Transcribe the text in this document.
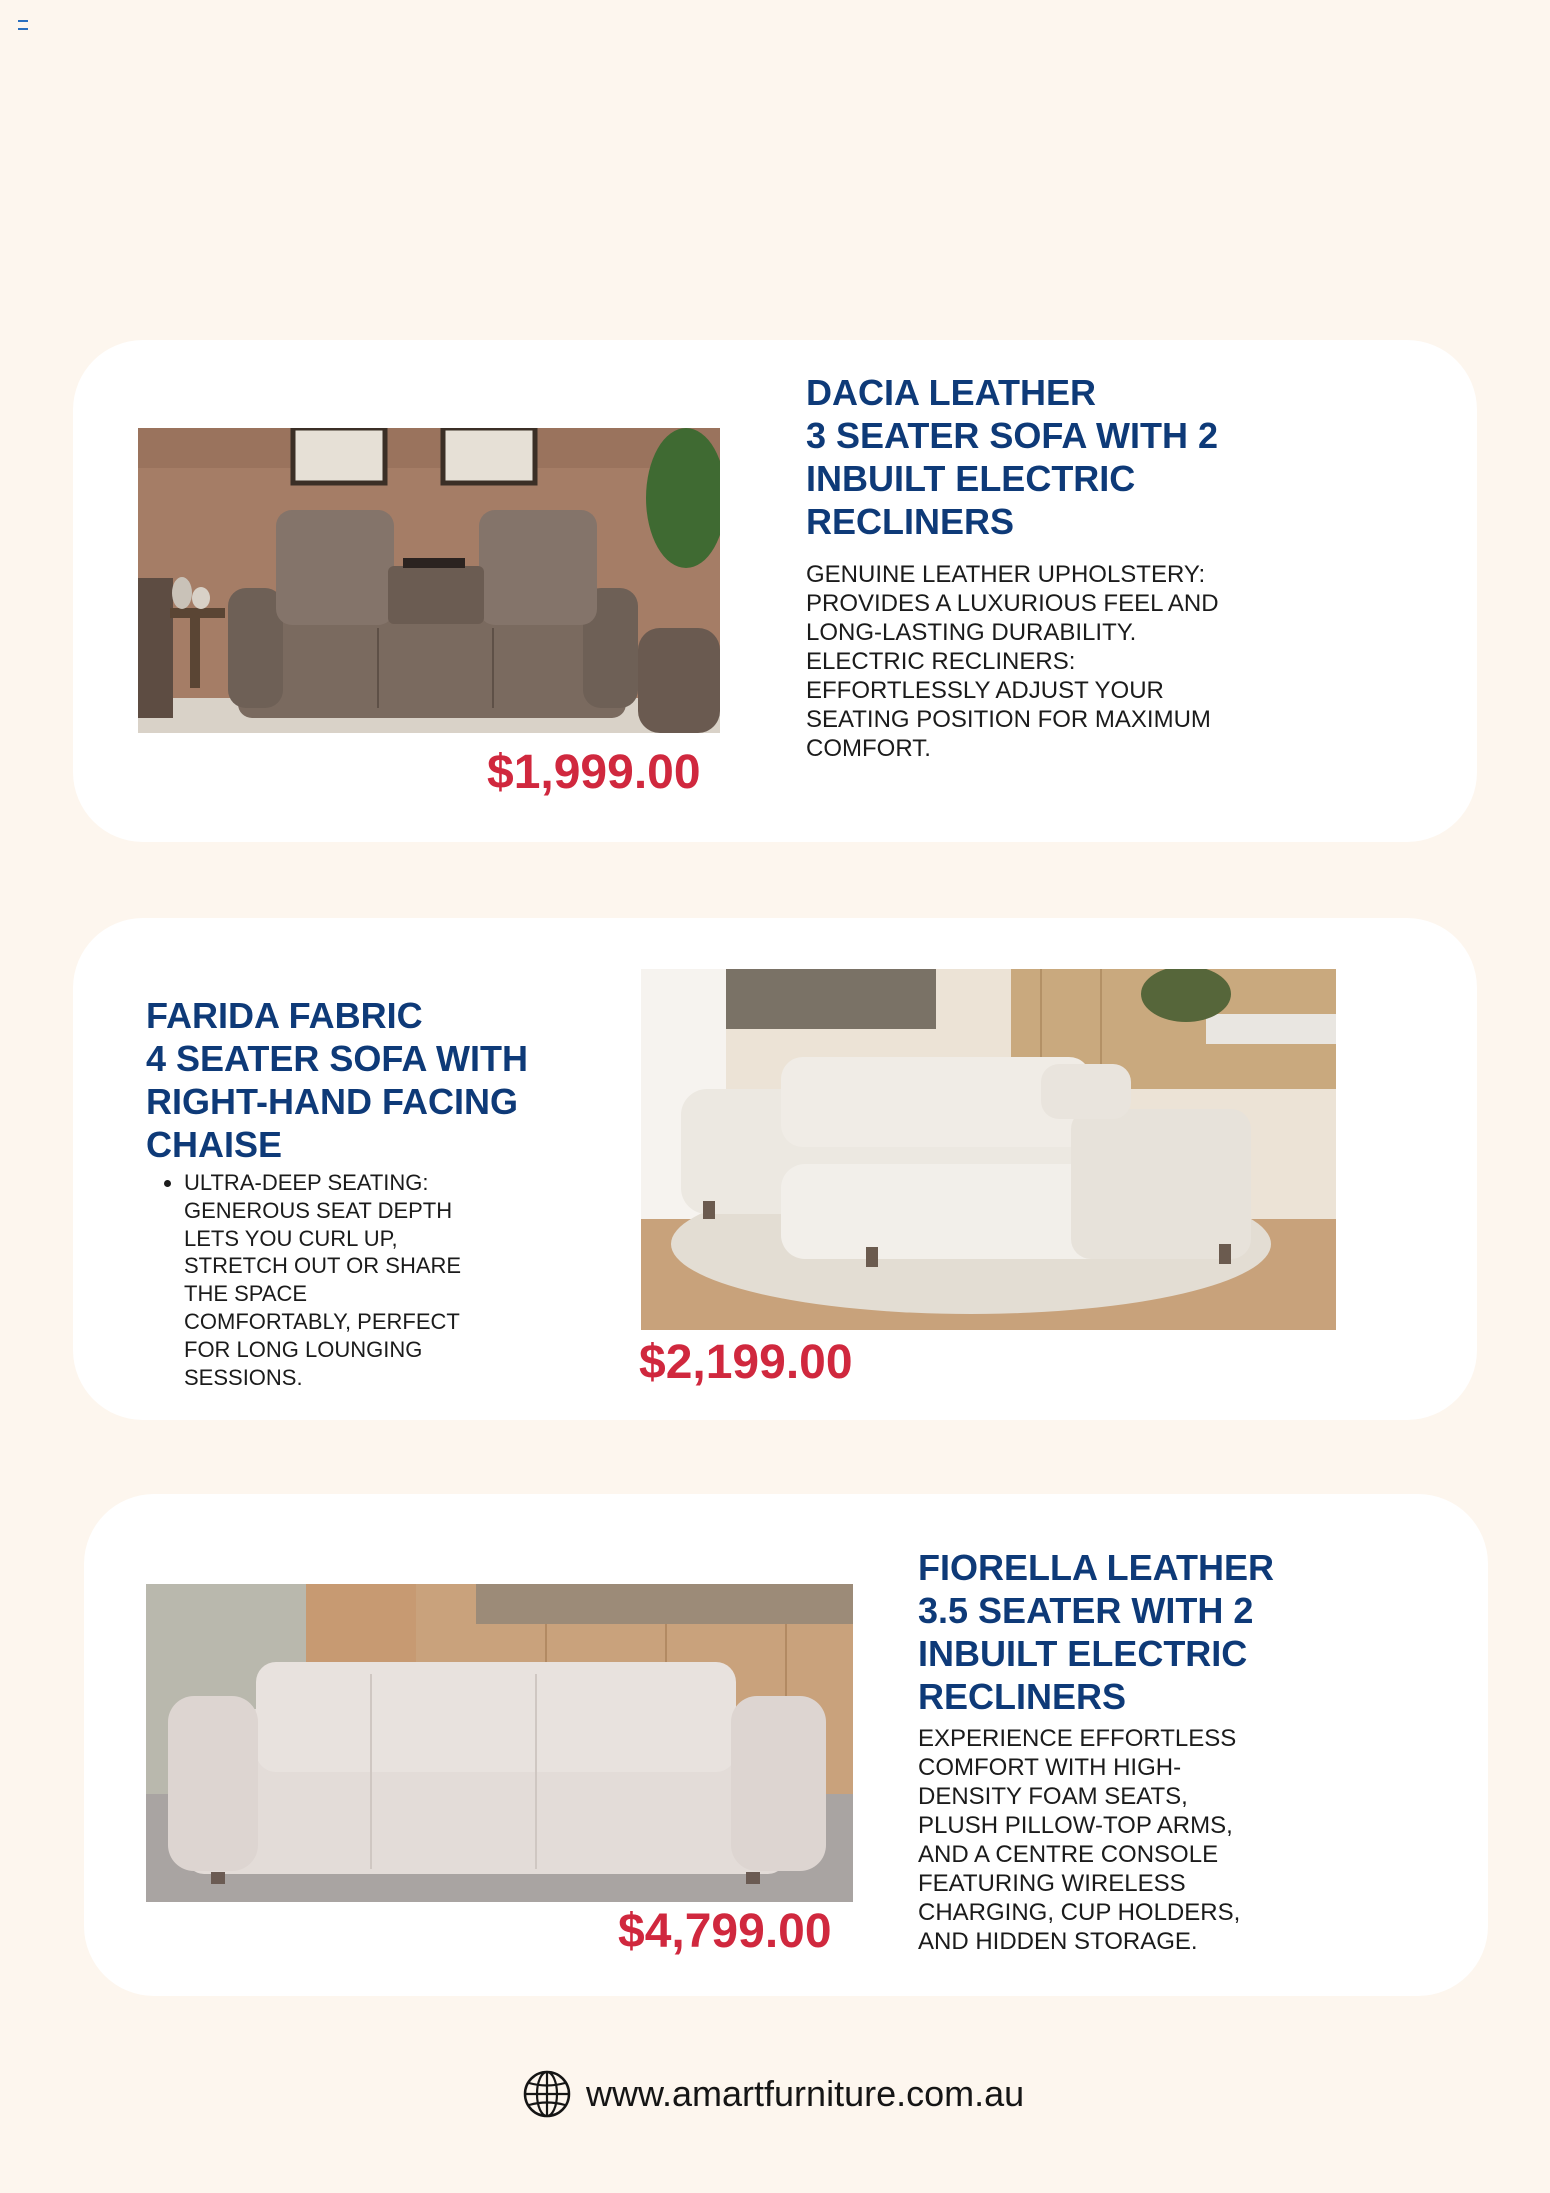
$1,999.00
DACIA LEATHER
3 SEATER SOFA WITH 2
INBUILT ELECTRIC
RECLINERS

GENUINE LEATHER UPHOLSTERY:
PROVIDES A LUXURIOUS FEEL AND
LONG-LASTING DURABILITY.
ELECTRIC RECLINERS:
EFFORTLESSLY ADJUST YOUR
SEATING POSITION FOR MAXIMUM
COMFORT.

FARIDA FABRIC
4 SEATER SOFA WITH
RIGHT-HAND FACING
CHAISE
• ULTRA-DEEP SEATING:
GENEROUS SEAT DEPTH
LETS YOU CURL UP,
STRETCH OUT OR SHARE
THE SPACE
COMFORTABLY, PERFECT
FOR LONG LOUNGING
SESSIONS.	$2,199.00
$4,799.00
FIORELLA LEATHER
3.5 SEATER WITH 2
INBUILT ELECTRIC
RECLINERS

EXPERIENCE EFFORTLESS
COMFORT WITH HIGH-
DENSITY FOAM SEATS,
PLUSH PILLOW-TOP ARMS,
AND A CENTRE CONSOLE
FEATURING WIRELESS
CHARGING, CUP HOLDERS,
AND HIDDEN STORAGE.

www.amartfurniture.com.au
